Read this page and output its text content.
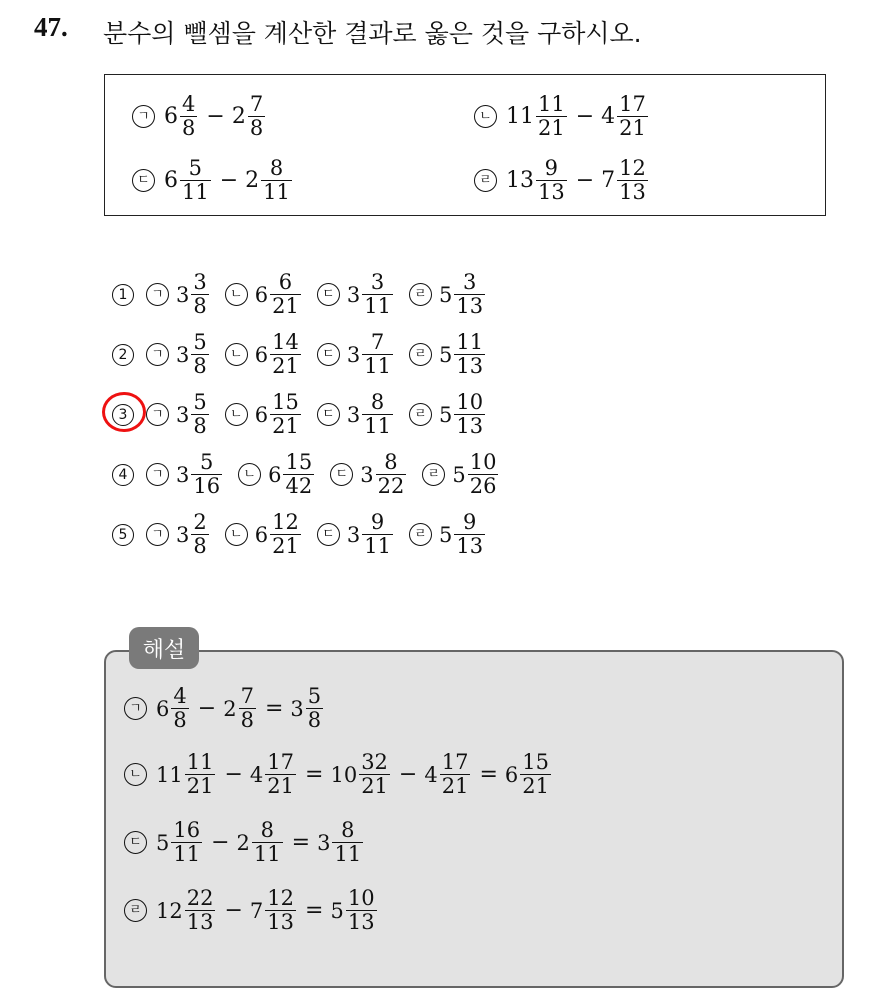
47. 분수의 뺄셈을 계산한 결과로 옳은 것을 구하시오.
ㄱ $6 \frac{4}{8} - 2 \frac{7}{8}$	ㄴ $11 \frac{11}{21} - 4 \frac{17}{21}$
ㄷ $6 \frac{5}{11} - 2 \frac{8}{11}$	ㄹ $13 \frac{9}{13} - 7 \frac{12}{13}$
1	ㄱ $3 \frac{3}{8}$	ㄴ $6 \frac{6}{21}$	ㄷ $3 \frac{3}{11}$	ㄹ $5 \frac{3}{13}$
2	ㄱ $3 \frac{5}{8}$	ㄴ $6 \frac{14}{21}$	ㄷ $3 \frac{7}{11}$	ㄹ $5 \frac{11}{13}$
3	ㄱ $3 \frac{5}{8}$	ㄴ $6 \frac{15}{21}$	ㄷ $3 \frac{8}{11}$	ㄹ $5 \frac{10}{13}$
4	ㄱ $3 \frac{5}{16}$	ㄴ $6 \frac{15}{42}$	ㄷ $3 \frac{8}{22}$	ㄹ $5 \frac{10}{26}$
5	ㄱ $3 \frac{2}{8}$	ㄴ $6 \frac{12}{21}$	ㄷ $3 \frac{9}{11}$	ㄹ $5 \frac{9}{13}$
해설
ㄱ $6 \frac{4}{8} - 2 \frac{7}{8} = 3 \frac{5}{8}$
ㄴ $11 \frac{11}{21} - 4 \frac{17}{21} = 10 \frac{32}{21} - 4 \frac{17}{21} = 6 \frac{15}{21}$
ㄷ $5 \frac{16}{11} - 2 \frac{8}{11} = 3 \frac{8}{11}$
ㄹ $12 \frac{22}{13} - 7 \frac{12}{13} = 5 \frac{10}{13}$
